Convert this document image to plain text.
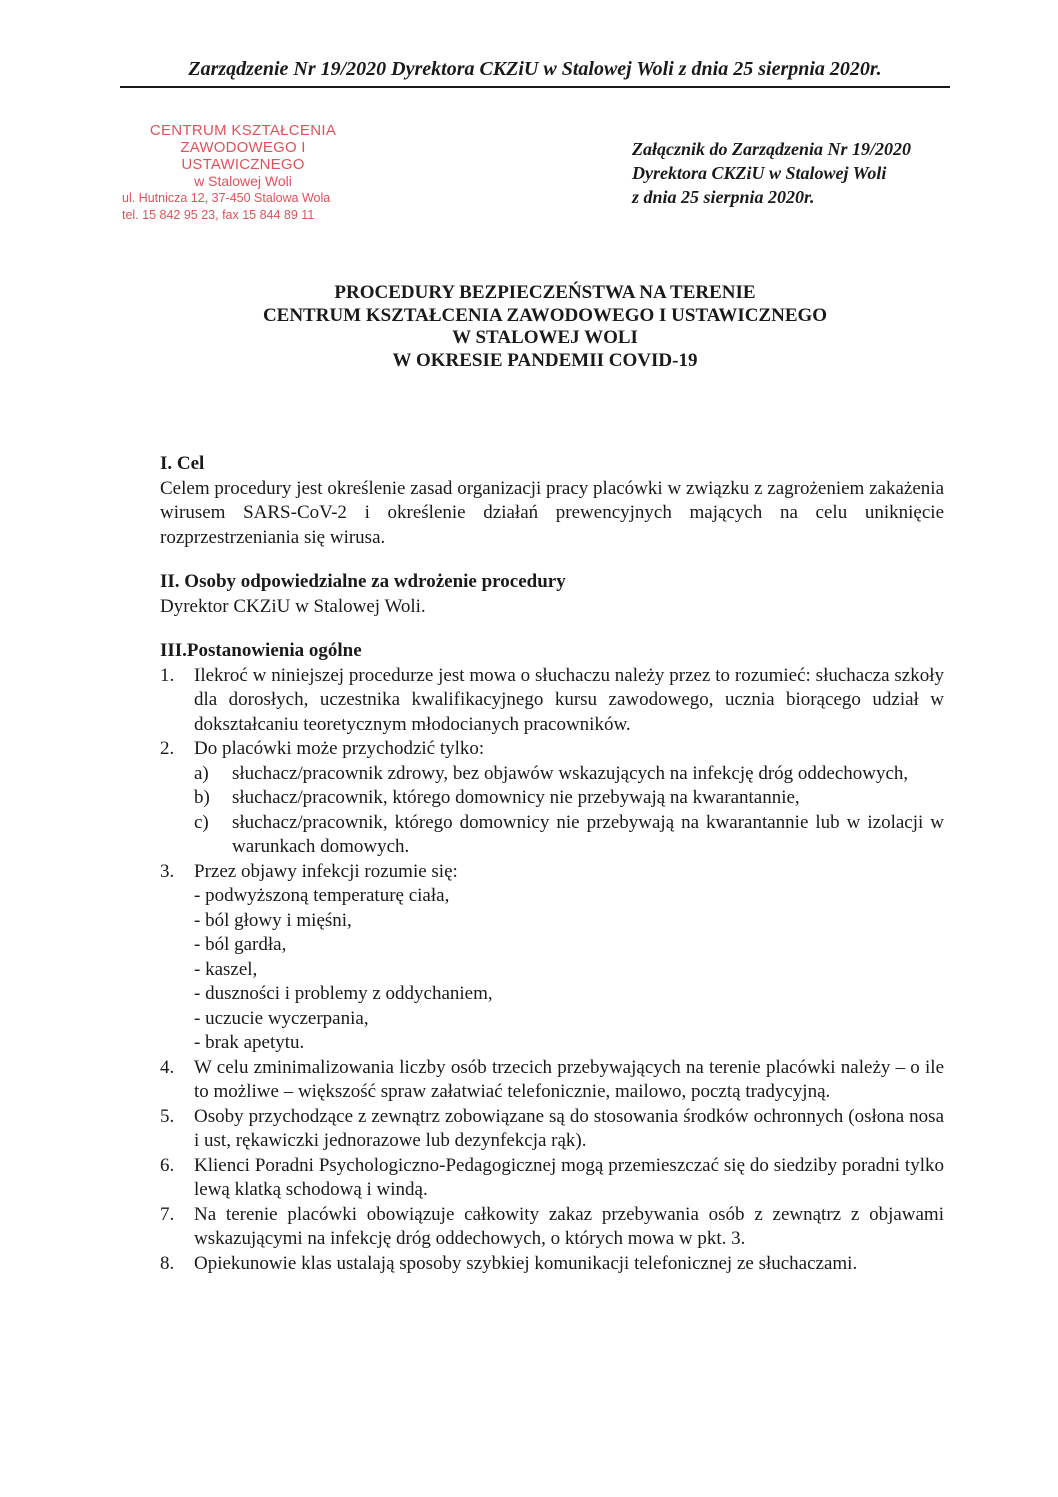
Zarządzenie Nr 19/2020 Dyrektora CKZiU w Stalowej Woli z dnia 25 sierpnia 2020r.
CENTRUM KSZTAŁCENIA
ZAWODOWEGO I USTAWICZNEGO
w Stalowej Woli
ul. Hutnicza 12, 37-450 Stalowa Wola
tel. 15 842 95 23, fax 15 844 89 11
Załącznik do Zarządzenia Nr 19/2020
Dyrektora CKZiU w Stalowej Woli
z dnia 25 sierpnia 2020r.
PROCEDURY BEZPIECZEŃSTWA NA TERENIE
CENTRUM KSZTAŁCENIA ZAWODOWEGO I USTAWICZNEGO
W STALOWEJ WOLI
W OKRESIE PANDEMII COVID-19
I. Cel
Celem procedury jest określenie zasad organizacji pracy placówki w związku z zagrożeniem zakażenia wirusem SARS-CoV-2 i określenie działań prewencyjnych mających na celu uniknięcie rozprzestrzeniania się wirusa.
II. Osoby odpowiedzialne za wdrożenie procedury
Dyrektor CKZiU w Stalowej Woli.
III.Postanowienia ogólne
1. Ilekroć w niniejszej procedurze jest mowa o słuchaczu należy przez to rozumieć: słuchacza szkoły dla dorosłych, uczestnika kwalifikacyjnego kursu zawodowego, ucznia biorącego udział w dokształcaniu teoretycznym młodocianych pracowników.
2. Do placówki może przychodzić tylko:
a) słuchacz/pracownik zdrowy, bez objawów wskazujących na infekcję dróg oddechowych,
b) słuchacz/pracownik, którego domownicy nie przebywają na kwarantannie,
c) słuchacz/pracownik, którego domownicy nie przebywają na kwarantannie lub w izolacji w warunkach domowych.
3. Przez objawy infekcji rozumie się:
- podwyższoną temperaturę ciała,
- ból głowy i mięśni,
- ból gardła,
- kaszel,
- duszności i problemy z oddychaniem,
- uczucie wyczerpania,
- brak apetytu.
4. W celu zminimalizowania liczby osób trzecich przebywających na terenie placówki należy – o ile to możliwe – większość spraw załatwiać telefonicznie, mailowo, pocztą tradycyjną.
5. Osoby przychodzące z zewnątrz zobowiązane są do stosowania środków ochronnych (osłona nosa i ust, rękawiczki jednorazowe lub dezynfekcja rąk).
6. Klienci Poradni Psychologiczno-Pedagogicznej mogą przemieszczać się do siedziby poradni tylko lewą klatką schodową i windą.
7. Na terenie placówki obowiązuje całkowity zakaz przebywania osób z zewnątrz z objawami wskazującymi na infekcję dróg oddechowych, o których mowa w pkt. 3.
8. Opiekunowie klas ustalają sposoby szybkiej komunikacji telefonicznej ze słuchaczami.
